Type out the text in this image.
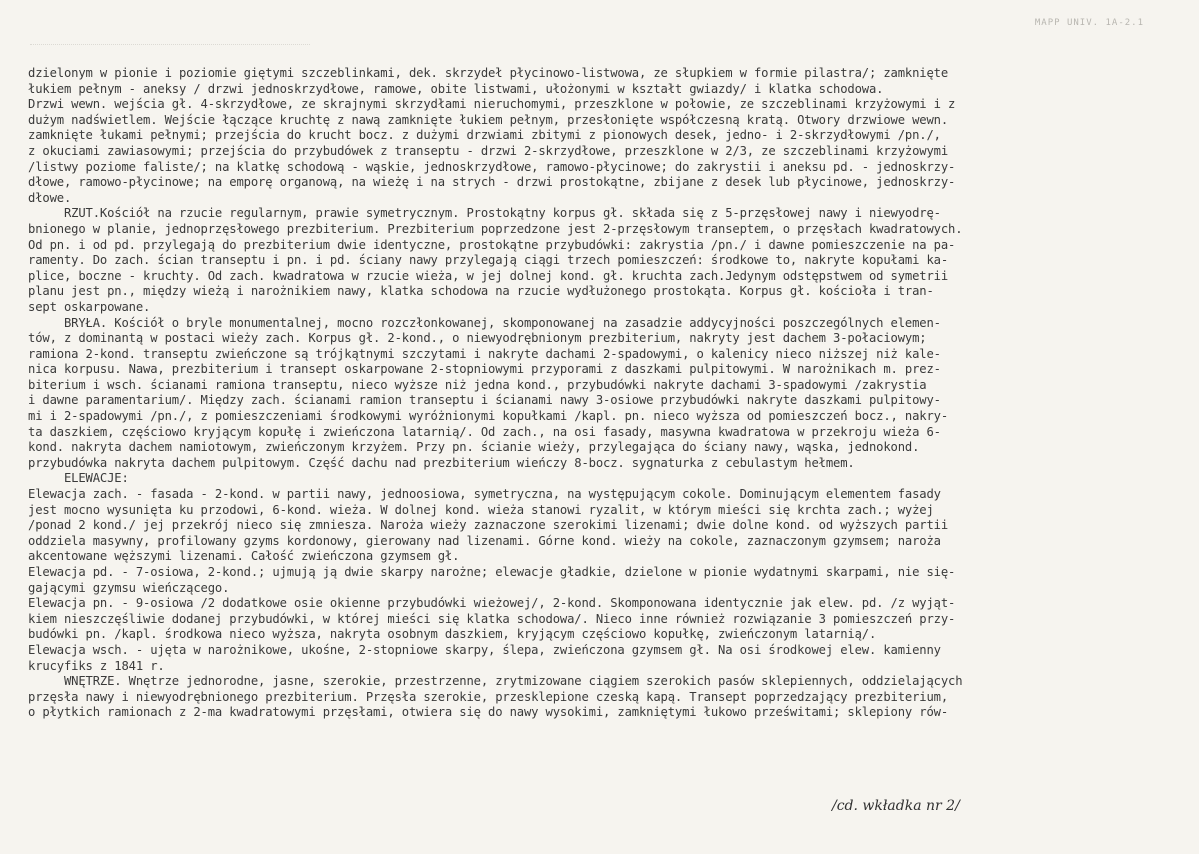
MAPP UNIV. 1A-2.1
dzielonym w pionie i poziomie giętymi szczeblinkami, dek. skrzydeł płycinowo-listwowa, ze słupkiem w formie pilastra/; zamknięte
łukiem pełnym - aneksy / drzwi jednoskrzydłowe, ramowe, obite listwami, ułożonymi w kształt gwiazdy/ i klatka schodowa.
Drzwi wewn. wejścia gł. 4-skrzydłowe, ze skrajnymi skrzydłami nieruchomymi, przeszklone w połowie, ze szczeblinami krzyżowymi i z
dużym nadświetlem. Wejście łączące kruchtę z nawą zamknięte łukiem pełnym, przesłonięte współczesną kratą. Otwory drzwiowe wewn.
zamknięte łukami pełnymi; przejścia do krucht bocz. z dużymi drzwiami zbitymi z pionowych desek, jedno- i 2-skrzydłowymi /pn./,
z okuciami zawiasowymi; przejścia do przybudówek z transeptu - drzwi 2-skrzydłowe, przeszklone w 2/3, ze szczeblinami krzyżowymi
/listwy poziome faliste/; na klatkę schodową - wąskie, jednoskrzydłowe, ramowo-płycinowe; do zakrystii i aneksu pd. - jednoskrzy-
dłowe, ramowo-płycinowe; na emporę organową, na wieżę i na strych - drzwi prostokątne, zbijane z desek lub płycinowe, jednoskrzy-
dłowe.
RZUT.Kościół na rzucie regularnym, prawie symetrycznym. Prostokątny korpus gł. składa się z 5-przęsłowej nawy i niewyodrę-
bnionego w planie, jednoprzęsłowego prezbiterium. Prezbiterium poprzedzone jest 2-przęsłowym transeptem, o przęsłach kwadratowych.
Od pn. i od pd. przylegają do prezbiterium dwie identyczne, prostokątne przybudówki: zakrystia /pn./ i dawne pomieszczenie na pa-
ramenty. Do zach. ścian transeptu i pn. i pd. ściany nawy przylegają ciągi trzech pomieszczeń: środkowe to, nakryte kopułami ka-
plice, boczne - kruchty. Od zach. kwadratowa w rzucie wieża, w jej dolnej kond. gł. kruchta zach.Jedynym odstępstwem od symetrii
planu jest pn., między wieżą i narożnikiem nawy, klatka schodowa na rzucie wydłużonego prostokąta. Korpus gł. kościoła i tran-
sept oskarpowane.
BRYŁA. Kościół o bryle monumentalnej, mocno rozczłonkowanej, skomponowanej na zasadzie addycyjności poszczególnych elemen-
tów, z dominantą w postaci wieży zach. Korpus gł. 2-kond., o niewyodrębnionym prezbiterium, nakryty jest dachem 3-połaciowym;
ramiona 2-kond. transeptu zwieńczone są trójkątnymi szczytami i nakryte dachami 2-spadowymi, o kalenicy nieco niższej niż kale-
nica korpusu. Nawa, prezbiterium i transept oskarpowane 2-stopniowymi przyporami z daszkami pulpitowymi. W narożnikach m. prez-
biterium i wsch. ścianami ramiona transeptu, nieco wyższe niż jedna kond., przybudówki nakryte dachami 3-spadowymi /zakrystia
i dawne paramentarium/. Między zach. ścianami ramion transeptu i ścianami nawy 3-osiowe przybudówki nakryte daszkami pulpitowy-
mi i 2-spadowymi /pn./, z pomieszczeniami środkowymi wyróżnionymi kopułkami /kapl. pn. nieco wyższa od pomieszczeń bocz., nakry-
ta daszkiem, częściowo kryjącym kopułę i zwieńczona latarnią/. Od zach., na osi fasady, masywna kwadratowa w przekroju wieża 6-
kond. nakryta dachem namiotowym, zwieńczonym krzyżem. Przy pn. ścianie wieży, przylegająca do ściany nawy, wąska, jednokond.
przybudówka nakryta dachem pulpitowym. Część dachu nad prezbiterium wieńczy 8-bocz. sygnaturka z cebulastym hełmem.
ELEWACJE:
Elewacja zach. - fasada - 2-kond. w partii nawy, jednoosiowa, symetryczna, na występującym cokole. Dominującym elementem fasady
jest mocno wysunięta ku przodowi, 6-kond. wieża. W dolnej kond. wieża stanowi ryzalit, w którym mieści się krchta zach.; wyżej
/ponad 2 kond./ jej przekrój nieco się zmniesza. Naroża wieży zaznaczone szerokimi lizenami; dwie dolne kond. od wyższych partii
oddziela masywny, profilowany gzyms kordonowy, gierowany nad lizenami. Górne kond. wieży na cokole, zaznaczonym gzymsem; naroża
akcentowane węższymi lizenami. Całość zwieńczona gzymsem gł.
Elewacja pd. - 7-osiowa, 2-kond.; ujmują ją dwie skarpy narożne; elewacje gładkie, dzielone w pionie wydatnymi skarpami, nie się-
gającymi gzymsu wieńczącego.
Elewacja pn. - 9-osiowa /2 dodatkowe osie okienne przybudówki wieżowej/, 2-kond. Skomponowana identycznie jak elew. pd. /z wyjąt-
kiem nieszczęśliwie dodanej przybudówki, w której mieści się klatka schodowa/. Nieco inne również rozwiązanie 3 pomieszczeń przy-
budówki pn. /kapl. środkowa nieco wyższa, nakryta osobnym daszkiem, kryjącym częściowo kopułkę, zwieńczonym latarnią/.
Elewacja wsch. - ujęta w narożnikowe, ukośne, 2-stopniowe skarpy, ślepa, zwieńczona gzymsem gł. Na osi środkowej elew. kamienny
krucyfiks z 1841 r.
WNĘTRZE. Wnętrze jednorodne, jasne, szerokie, przestrzenne, zrytmizowane ciągiem szerokich pasów sklepiennych, oddzielających
przęsła nawy i niewyodrębnionego prezbiterium. Przęsła szerokie, przesklepione czeską kapą. Transept poprzedzający prezbiterium,
o płytkich ramionach z 2-ma kwadratowymi przęsłami, otwiera się do nawy wysokimi, zamkniętymi łukowo prześwitami; sklepiony rów-
/cd. wkładka nr 2/
